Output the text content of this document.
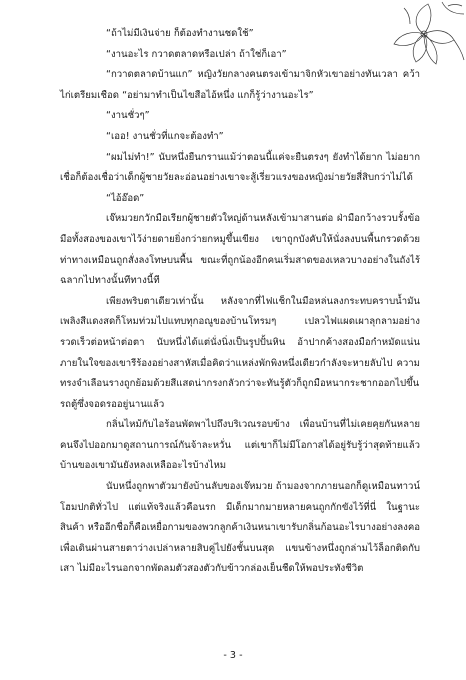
“ถ้าไม่มีเงินจ่าย ก็ต้องทำงานชดใช้”

“งานอะไร กวาดตลาดหรือเปล่า ถ้าใช่ก็เอา”

“กวาดตลาดบ้านแก” หญิงวัยกลางคนตรงเข้ามาจิกหัวเขาอย่างทันเวลา คว้าไก่เตรียมเชือด “อย่ามาทำเป็นไขสือไอ้หนึ่ง แกก็รู้ว่างานอะไร”

“งานชั่วๆ”

“เออ! งานชั่วที่แกจะต้องทำ”

“ผมไม่ทำ!” นับหนึ่งยืนกรานแม้ว่าตอนนี้แค่จะยืนตรงๆ ยังทำได้ยาก ไม่อยากเชื่อก็ต้องเชื่อว่าเด็กผู้ชายวัยละอ่อนอย่างเขาจะสู้เรี่ยวแรงของหญิงม่ายวัยสี่สิบกว่าไม่ได้

“ไอ้อ๊อด”

เจ๊หมวยกวักมือเรียกผู้ชายตัวใหญ่ด้านหลังเข้ามาสานต่อ ฝ่ามือกว้างรวบรั้งข้อมือทั้งสองของเขาไว้ง่ายดายยิ่งกว่ายกหมูขึ้นเขียง เขาถูกบังคับให้นั่งลงบนพื้นกรวดด้วยท่าทางเหมือนถูกสั่งลงโทษบนพื้น ขณะที่ถูกน้องอีกคนเริ่มสาดของเหลวบางอย่างในถังไร้ฉลากไปทางนั้นทีทางนี้ที

เพียงพริบตาเดียวเท่านั้น หลังจากที่ไฟแช็กในมือหล่นลงกระทบคราบน้ำมัน เพลิงสีแดงสดก็โหมท่วมไปแทบทุกอณูของบ้านโทรมๆ เปลวไฟแผดเผาลุกลามอย่างรวดเร็วต่อหน้าต่อตา นับหนึ่งได้แต่นั่งนิ่งเป็นรูปปั้นหิน อ้าปากค้างสองมือกำหมัดแน่น ภายในใจของเขารีร้องอย่างสาหัสเมื่อคิดว่าแหล่งพักพิงหนึ่งเดียวกำลังจะหายลับไป ความทรงจำเลือนรางถูกย้อมด้วยสีแสดน่ากรงกลัวกว่าจะทันรู้ตัวก็ถูกมือหนากระชากออกไปขึ้นรถตู้ซึ่งจอดรออยู่นานแล้ว

กลิ่นไหม้กับไอร้อนพัดพาไปถึงบริเวณรอบข้าง เพื่อนบ้านที่ไม่เคยคุยกันหลายคนจึงไปออกมาดูสถานการณ์กันจ้าละหวั่น แต่เขาก็ไม่มีโอกาสได้อยู่รับรู้ว่าสุดท้ายแล้วบ้านของเขามันยังหลงเหลืออะไรบ้างไหม

นับหนึ่งถูกพาตัวมายังบ้านลับของเจ๊หมวย ถ้ามองจากภายนอกก็ดูเหมือนทาวน์โฮมปกติทั่วไป แต่แท้จริงแล้วคือนรก มีเด็กมากมายหลายคนถูกกักขังไว้ที่นี่ ในฐานะสินค้า หรืออีกชื่อก็คือเหยื่อกามของพวกลูกค้าเงินหนาเขารับกลิ่นก้อนอะไรบางอย่างลงคอเพื่อเดินผ่านสายตาว่างเปล่าหลายสิบคู่ไปยังชั้นบนสุด แขนข้างหนึ่งถูกล่ามไว้ล็อกติดกับเสา ไม่มีอะไรนอกจากพัดลมตัวสองตัวกับข้าวกล่องเย็นชืดให้พอประทังชีวิต

- 3 -
